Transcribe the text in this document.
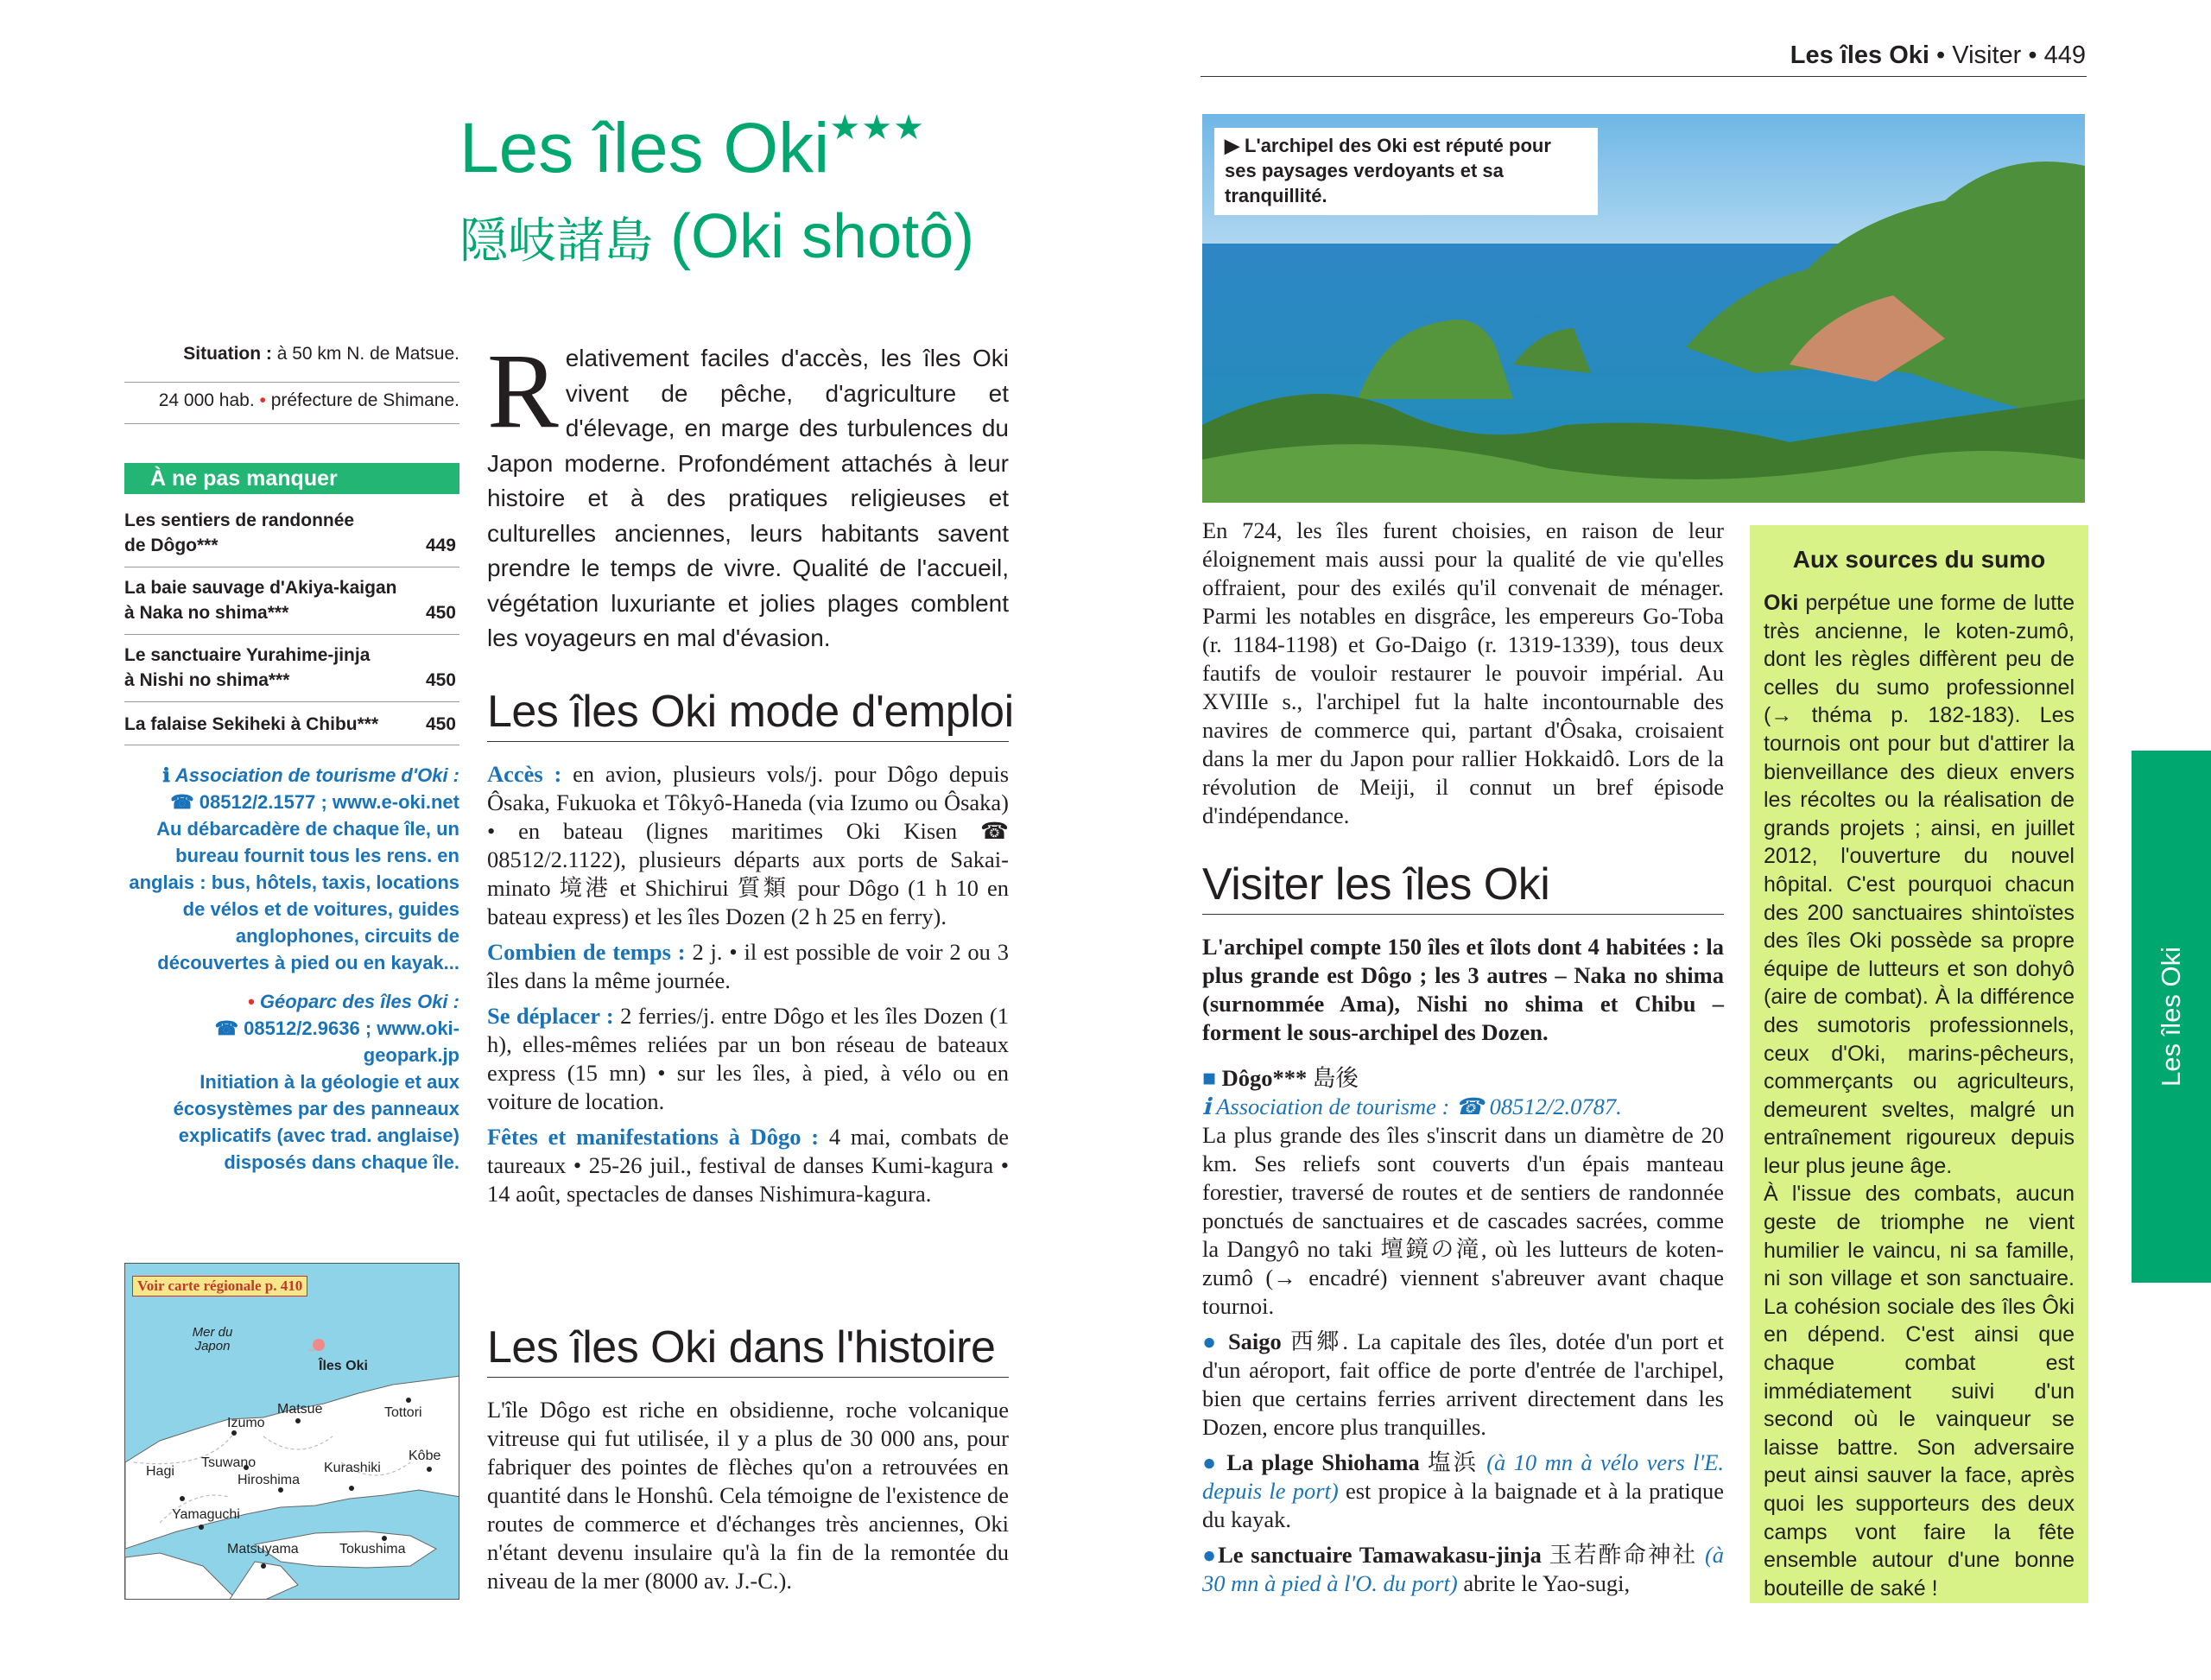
Les îles Oki★★★
隠岐諸島 (Oki shotô)
Situation : à 50 km N. de Matsue.
24 000 hab. • préfecture de Shimane.
À ne pas manquer
Les sentiers de randonnée
de Dôgo***	449
La baie sauvage d'Akiya-kaigan
à Naka no shima***	450
Le sanctuaire Yurahime-jinja
à Nishi no shima***	450
La falaise Sekiheki à Chibu***	450
ℹ Association de tourisme d'Oki :
☎ 08512/2.1577 ; www.e-oki.net
Au débarcadère de chaque île, un bureau fournit tous les rens. en anglais : bus, hôtels, taxis, locations de vélos et de voitures, guides anglophones, circuits de découvertes à pied ou en kayak...
• Géoparc des îles Oki :
☎ 08512/2.9636 ; www.oki-geopark.jp
Initiation à la géologie et aux écosystèmes par des panneaux explicatifs (avec trad. anglaise) disposés dans chaque île.
Voir carte régionale p. 410
Mer du Japon
Îles Oki
Matsue
Izumo
Tottori
Tsuwano
Hagi
Hiroshima
Kurashiki
Kôbe
Yamaguchi
Tokushima
Matsuyama
Relativement faciles d'accès, les îles Oki vivent de pêche, d'agriculture et d'élevage, en marge des turbulences du Japon moderne. Profondément attachés à leur histoire et à des pratiques religieuses et culturelles anciennes, leurs habitants savent prendre le temps de vivre. Qualité de l'accueil, végétation luxuriante et jolies plages comblent les voyageurs en mal d'évasion.
Les îles Oki mode d'emploi
Accès : en avion, plusieurs vols/j. pour Dôgo depuis Ôsaka, Fukuoka et Tôkyô-Haneda (via Izumo ou Ôsaka) • en bateau (lignes maritimes Oki Kisen ☎ 08512/2.1122), plusieurs départs aux ports de Sakai-minato 境港 et Shichirui 質類 pour Dôgo (1 h 10 en bateau express) et les îles Dozen (2 h 25 en ferry).
Combien de temps : 2 j. • il est possible de voir 2 ou 3 îles dans la même journée.
Se déplacer : 2 ferries/j. entre Dôgo et les îles Dozen (1 h), elles-mêmes reliées par un bon réseau de bateaux express (15 mn) • sur les îles, à pied, à vélo ou en voiture de location.
Fêtes et manifestations à Dôgo : 4 mai, combats de taureaux • 25-26 juil., festival de danses Kumi-kagura • 14 août, spectacles de danses Nishimura-kagura.
Les îles Oki dans l'histoire
L'île Dôgo est riche en obsidienne, roche volcanique vitreuse qui fut utilisée, il y a plus de 30 000 ans, pour fabriquer des pointes de flèches qu'on a retrouvées en quantité dans le Honshû. Cela témoigne de l'existence de routes de commerce et d'échanges très anciennes, Oki n'étant devenu insulaire qu'à la fin de la remontée du niveau de la mer (8000 av. J.-C.).
Les îles Oki • Visiter • 449
▶ L'archipel des Oki est réputé pour ses paysages verdoyants et sa tranquillité.
En 724, les îles furent choisies, en raison de leur éloignement mais aussi pour la qualité de vie qu'elles offraient, pour des exilés qu'il convenait de ménager. Parmi les notables en disgrâce, les empereurs Go-Toba (r. 1184-1198) et Go-Daigo (r. 1319-1339), tous deux fautifs de vouloir restaurer le pouvoir impérial. Au XVIIIe s., l'archipel fut la halte incontournable des navires de commerce qui, partant d'Ôsaka, croisaient dans la mer du Japon pour rallier Hokkaidô. Lors de la révolution de Meiji, il connut un bref épisode d'indépendance.
Visiter les îles Oki
L'archipel compte 150 îles et îlots dont 4 habitées : la plus grande est Dôgo ; les 3 autres – Naka no shima (surnommée Ama), Nishi no shima et Chibu – forment le sous-archipel des Dozen.
■ Dôgo*** 島後
ℹ Association de tourisme : ☎ 08512/2.0787.
La plus grande des îles s'inscrit dans un diamètre de 20 km. Ses reliefs sont couverts d'un épais manteau forestier, traversé de routes et de sentiers de randonnée ponctués de sanctuaires et de cascades sacrées, comme la Dangyô no taki 壇鏡の滝, où les lutteurs de koten-zumô (→ encadré) viennent s'abreuver avant chaque tournoi.
● Saigo 西郷. La capitale des îles, dotée d'un port et d'un aéroport, fait office de porte d'entrée de l'archipel, bien que certains ferries arrivent directement dans les Dozen, encore plus tranquilles.
● La plage Shiohama 塩浜 (à 10 mn à vélo vers l'E. depuis le port) est propice à la baignade et à la pratique du kayak.
●Le sanctuaire Tamawakasu-jinja 玉若酢命神社 (à 30 mn à pied à l'O. du port) abrite le Yao-sugi,
Aux sources du sumo
Oki perpétue une forme de lutte très ancienne, le koten-zumô, dont les règles diffèrent peu de celles du sumo professionnel (→ théma p. 182-183). Les tournois ont pour but d'attirer la bienveillance des dieux envers les récoltes ou la réalisation de grands projets ; ainsi, en juillet 2012, l'ouverture du nouvel hôpital. C'est pourquoi chacun des 200 sanctuaires shintoïstes des îles Oki possède sa propre équipe de lutteurs et son dohyô (aire de combat). À la différence des sumotoris professionnels, ceux d'Oki, marins-pêcheurs, commerçants ou agriculteurs, demeurent sveltes, malgré un entraînement rigoureux depuis leur plus jeune âge.
À l'issue des combats, aucun geste de triomphe ne vient humilier le vaincu, ni sa famille, ni son village et son sanctuaire. La cohésion sociale des îles Ôki en dépend. C'est ainsi que chaque combat est immédiatement suivi d'un second où le vainqueur se laisse battre. Son adversaire peut ainsi sauver la face, après quoi les supporteurs des deux camps vont faire la fête ensemble autour d'une bonne bouteille de saké !
Les îles Oki
